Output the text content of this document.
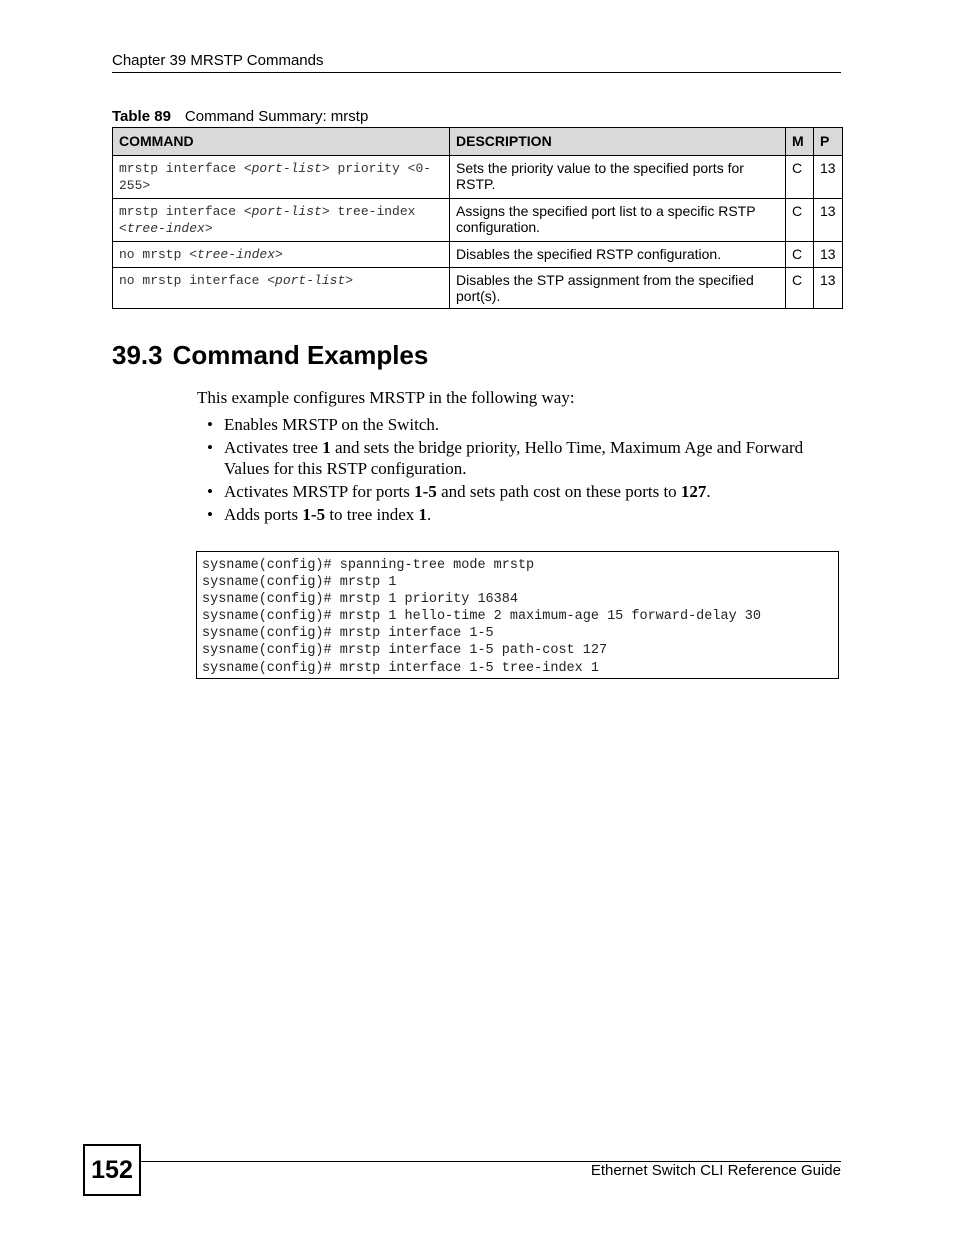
Chapter 39 MRSTP Commands
Table 89 Command Summary: mrstp
COMMAND	DESCRIPTION	M	P
mrstp interface <port-list> priority <0-255>	Sets the priority value to the specified ports for RSTP.	C	13
mrstp interface <port-list> tree-index <tree-index>	Assigns the specified port list to a specific RSTP configuration.	C	13
no mrstp <tree-index>	Disables the specified RSTP configuration.	C	13
no mrstp interface <port-list>	Disables the STP assignment from the specified port(s).	C	13
39.3 Command Examples

This example configures MRSTP in the following way:

• Enables MRSTP on the Switch.
• Activates tree 1 and sets the bridge priority, Hello Time, Maximum Age and Forward Values for this RSTP configuration.
• Activates MRSTP for ports 1-5 and sets path cost on these ports to 127.
• Adds ports 1-5 to tree index 1.
sysname(config)# spanning-tree mode mrstp
sysname(config)# mrstp 1
sysname(config)# mrstp 1 priority 16384
sysname(config)# mrstp 1 hello-time 2 maximum-age 15 forward-delay 30
sysname(config)# mrstp interface 1-5
sysname(config)# mrstp interface 1-5 path-cost 127
sysname(config)# mrstp interface 1-5 tree-index 1
152	Ethernet Switch CLI Reference Guide
